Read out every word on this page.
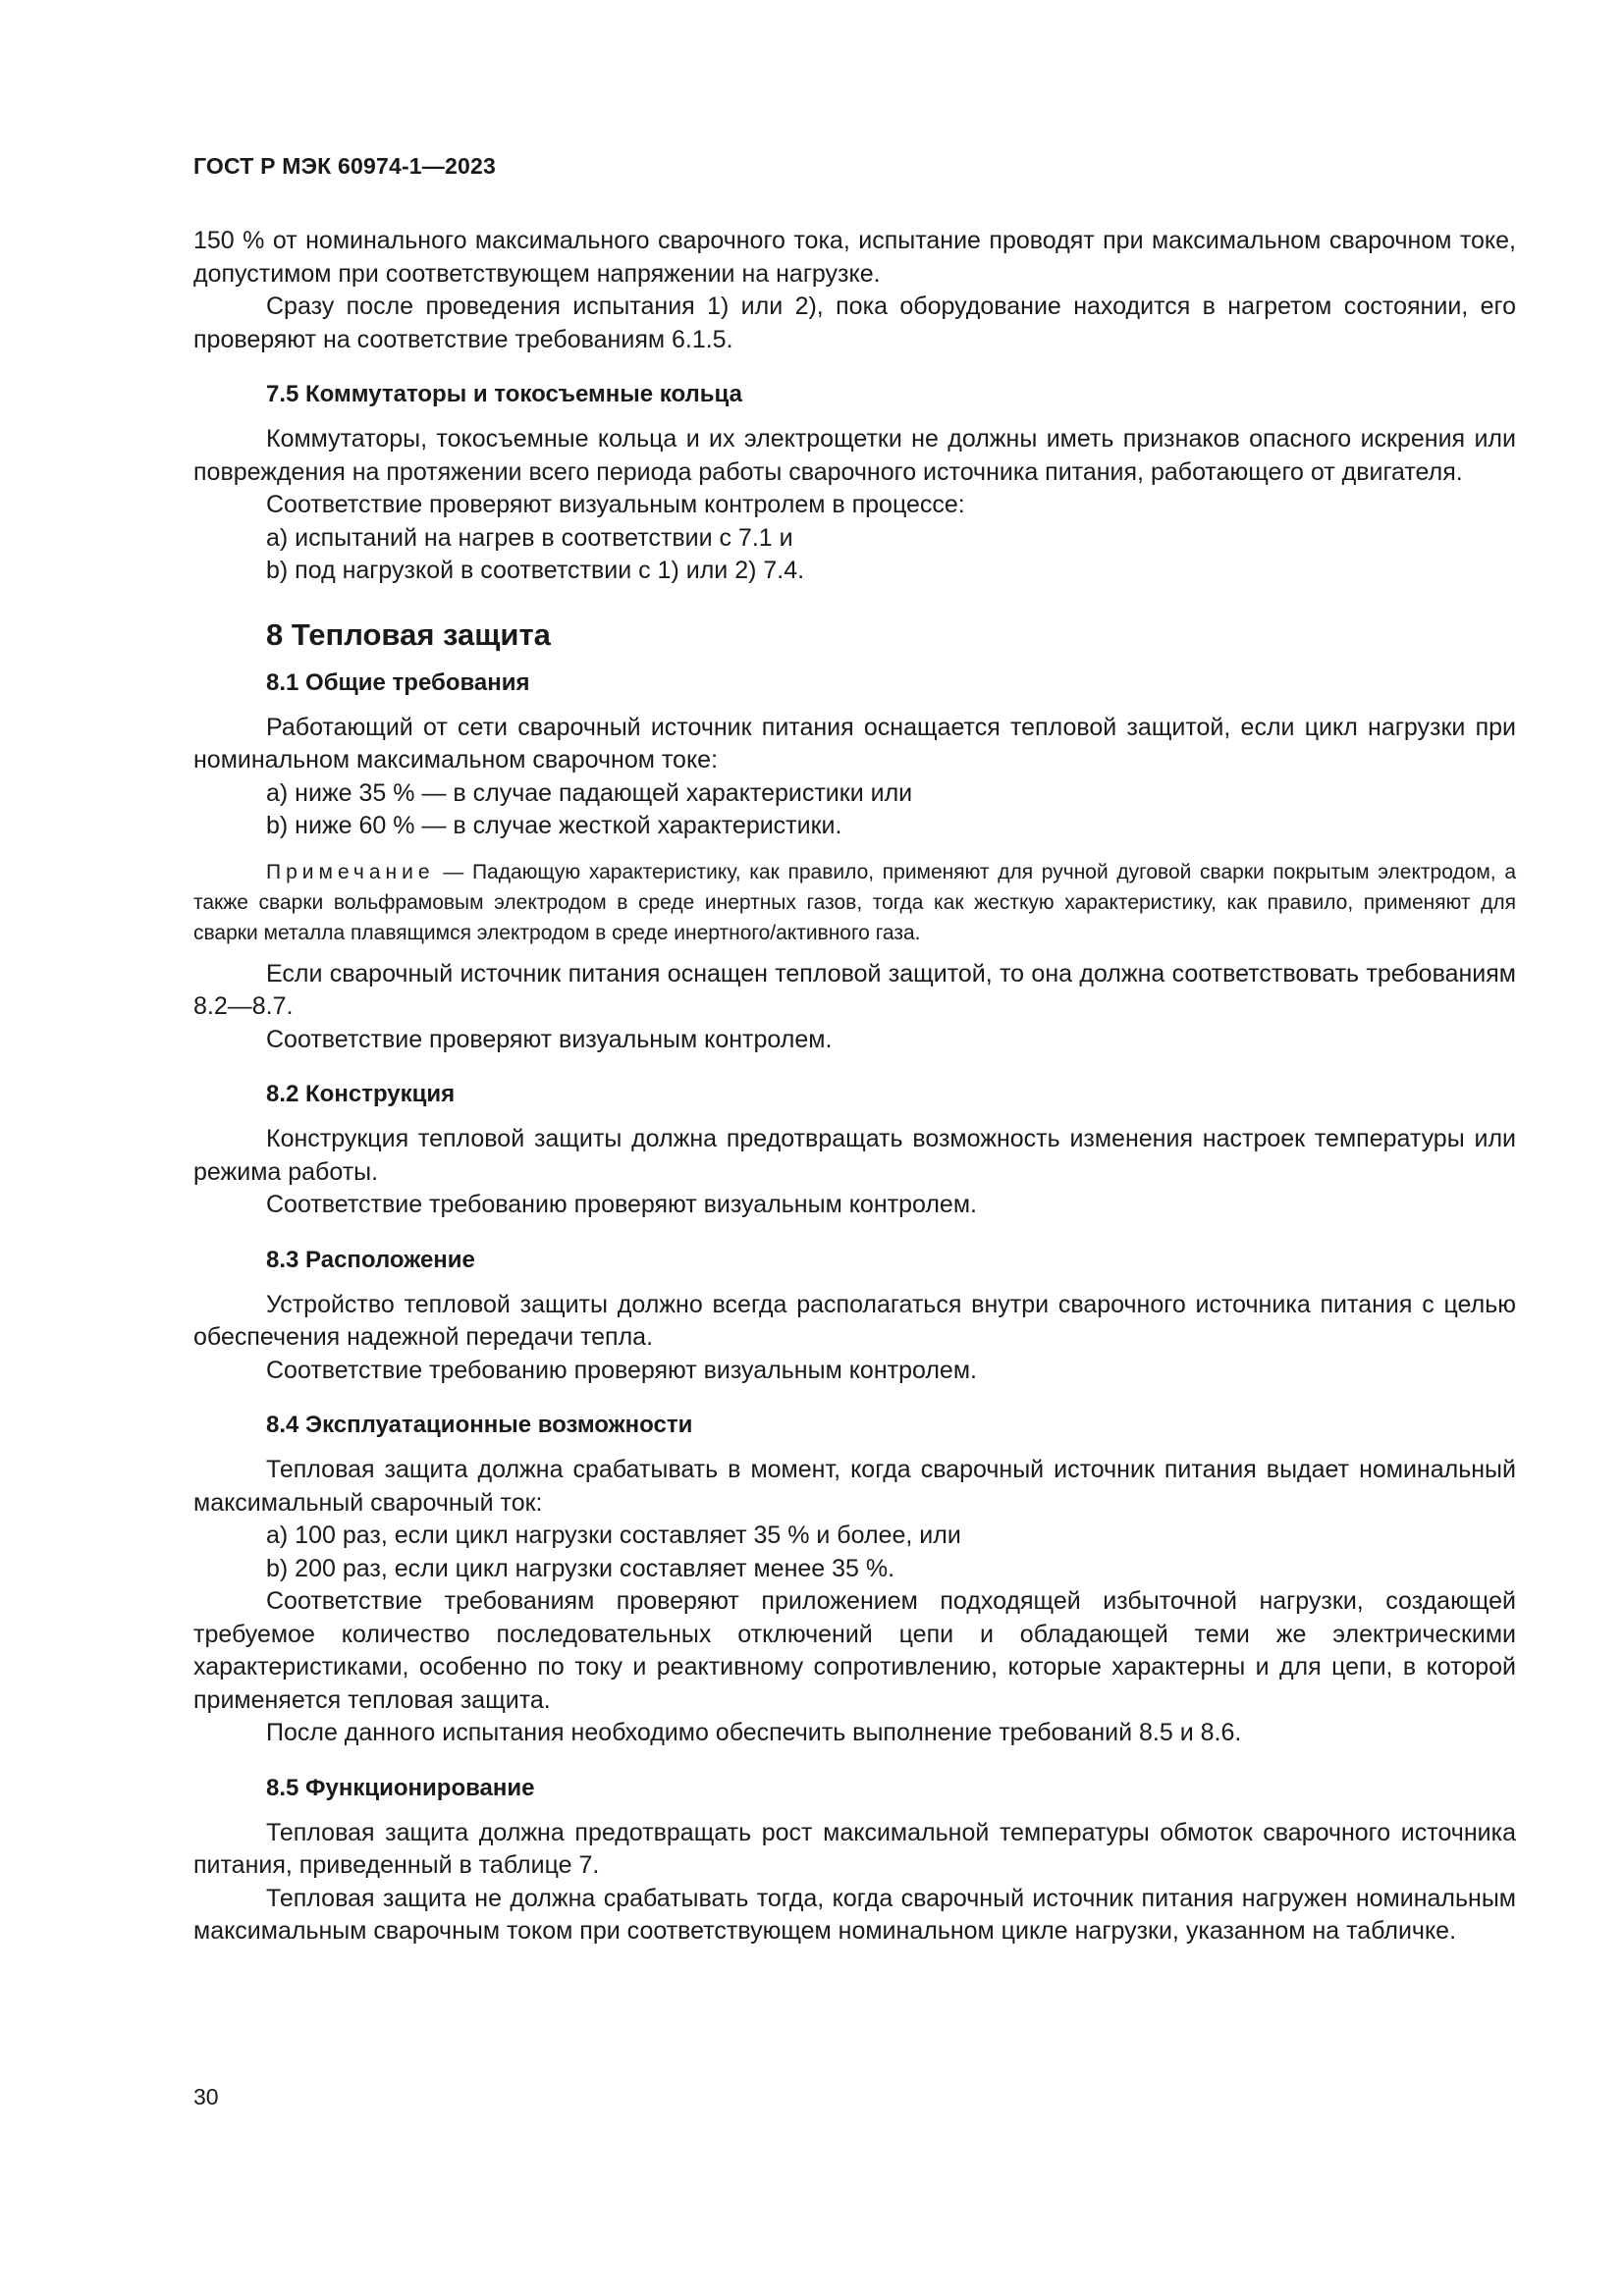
ГОСТ Р МЭК 60974-1—2023

150 % от номинального максимального сварочного тока, испытание проводят при максимальном сварочном токе, допустимом при соответствующем напряжении на нагрузке.

Сразу после проведения испытания 1) или 2), пока оборудование находится в нагретом состоянии, его проверяют на соответствие требованиям 6.1.5.

7.5 Коммутаторы и токосъемные кольца

Коммутаторы, токосъемные кольца и их электрощетки не должны иметь признаков опасного искрения или повреждения на протяжении всего периода работы сварочного источника питания, работающего от двигателя.

Соответствие проверяют визуальным контролем в процессе:

a) испытаний на нагрев в соответствии с 7.1 и

b) под нагрузкой в соответствии с 1) или 2) 7.4.

8 Тепловая защита

8.1 Общие требования

Работающий от сети сварочный источник питания оснащается тепловой защитой, если цикл нагрузки при номинальном максимальном сварочном токе:

a) ниже 35 % — в случае падающей характеристики или

b) ниже 60 % — в случае жесткой характеристики.

Примечание — Падающую характеристику, как правило, применяют для ручной дуговой сварки покрытым электродом, а также сварки вольфрамовым электродом в среде инертных газов, тогда как жесткую характеристику, как правило, применяют для сварки металла плавящимся электродом в среде инертного/активного газа.

Если сварочный источник питания оснащен тепловой защитой, то она должна соответствовать требованиям 8.2—8.7.

Соответствие проверяют визуальным контролем.

8.2 Конструкция

Конструкция тепловой защиты должна предотвращать возможность изменения настроек температуры или режима работы.

Соответствие требованию проверяют визуальным контролем.

8.3 Расположение

Устройство тепловой защиты должно всегда располагаться внутри сварочного источника питания с целью обеспечения надежной передачи тепла.

Соответствие требованию проверяют визуальным контролем.

8.4 Эксплуатационные возможности

Тепловая защита должна срабатывать в момент, когда сварочный источник питания выдает номинальный максимальный сварочный ток:

a) 100 раз, если цикл нагрузки составляет 35 % и более, или

b) 200 раз, если цикл нагрузки составляет менее 35 %.

Соответствие требованиям проверяют приложением подходящей избыточной нагрузки, создающей требуемое количество последовательных отключений цепи и обладающей теми же электрическими характеристиками, особенно по току и реактивному сопротивлению, которые характерны и для цепи, в которой применяется тепловая защита.

После данного испытания необходимо обеспечить выполнение требований 8.5 и 8.6.

8.5 Функционирование

Тепловая защита должна предотвращать рост максимальной температуры обмоток сварочного источника питания, приведенный в таблице 7.

Тепловая защита не должна срабатывать тогда, когда сварочный источник питания нагружен номинальным максимальным сварочным током при соответствующем номинальном цикле нагрузки, указанном на табличке.

30
